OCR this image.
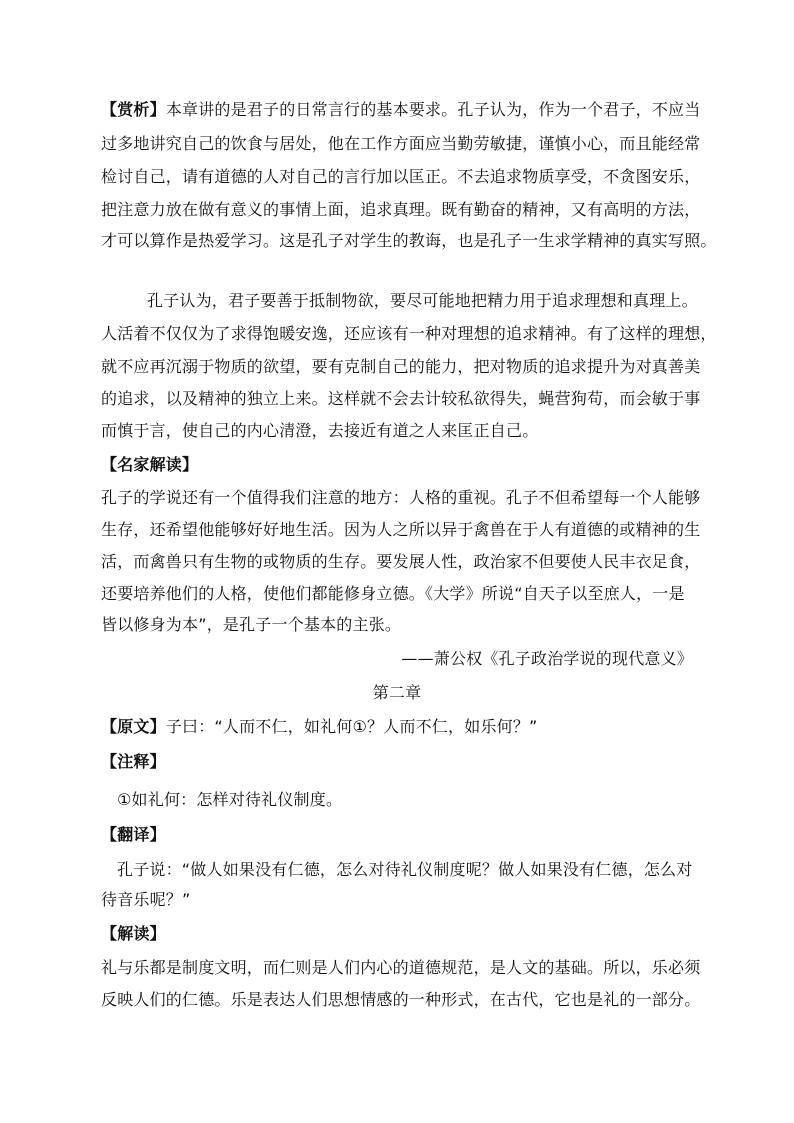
【赏析】本章讲的是君子的日常言行的基本要求。孔子认为，作为一个君子，不应当
过多地讲究自己的饮食与居处，他在工作方面应当勤劳敏捷，谨慎小心，而且能经常
检讨自己，请有道德的人对自己的言行加以匡正。不去追求物质享受，不贪图安乐，
把注意力放在做有意义的事情上面，追求真理。既有勤奋的精神，又有高明的方法，
才可以算作是热爱学习。这是孔子对学生的教诲，也是孔子一生求学精神的真实写照。
孔子认为，君子要善于抵制物欲，要尽可能地把精力用于追求理想和真理上。
人活着不仅仅为了求得饱暖安逸，还应该有一种对理想的追求精神。有了这样的理想，
就不应再沉溺于物质的欲望，要有克制自己的能力，把对物质的追求提升为对真善美
的追求，以及精神的独立上来。这样就不会去计较私欲得失，蝇营狗苟，而会敏于事
而慎于言，使自己的内心清澄，去接近有道之人来匡正自己。
【名家解读】
孔子的学说还有一个值得我们注意的地方：人格的重视。孔子不但希望每一个人能够
生存，还希望他能够好好地生活。因为人之所以异于禽兽在于人有道德的或精神的生
活，而禽兽只有生物的或物质的生存。要发展人性，政治家不但要使人民丰衣足食，
还要培养他们的人格，使他们都能修身立德。《大学》所说“自天子以至庶人，一是
皆以修身为本”，是孔子一个基本的主张。
——萧公权《孔子政治学说的现代意义》
第二章
【原文】子曰：“人而不仁，如礼何①？人而不仁，如乐何？”
【注释】
①如礼何：怎样对待礼仪制度。
【翻译】
孔子说：“做人如果没有仁德，怎么对待礼仪制度呢？做人如果没有仁德，怎么对
待音乐呢？”
【解读】
礼与乐都是制度文明，而仁则是人们内心的道德规范，是人文的基础。所以，乐必须
反映人们的仁德。乐是表达人们思想情感的一种形式，在古代，它也是礼的一部分。
